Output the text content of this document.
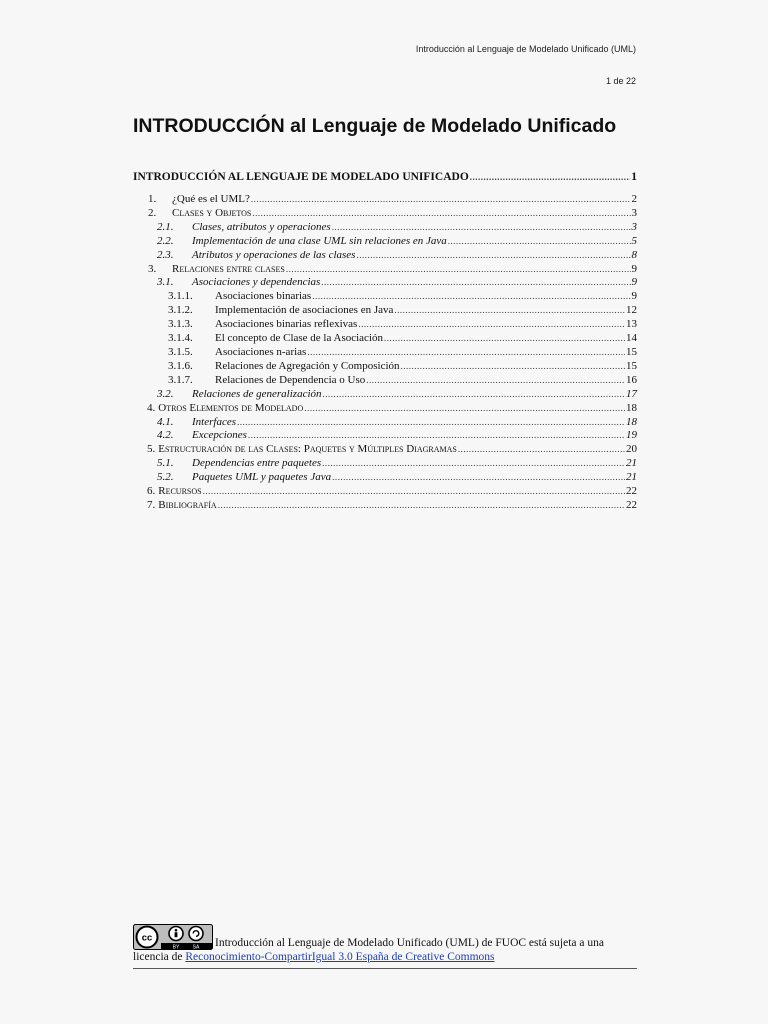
Introducción al Lenguaje de Modelado Unificado (UML)
1 de 22
INTRODUCCIÓN al Lenguaje de Modelado Unificado
INTRODUCCIÓN AL LENGUAJE DE MODELADO UNIFICADO .....	1
1.	¿Qué es el UML? .....	2
2.	Clases y Objetos .....	3
2.1.	Clases, atributos y operaciones .....	3
2.2.	Implementación de una clase UML sin relaciones en Java .....	5
2.3.	Atributos y operaciones de las clases .....	8
3.	Relaciones entre clases .....	9
3.1.	Asociaciones y dependencias .....	9
3.1.1.	Asociaciones binarias .....	9
3.1.2.	Implementación de asociaciones en Java .....	12
3.1.3.	Asociaciones binarias reflexivas .....	13
3.1.4.	El concepto de Clase de la Asociación .....	14
3.1.5.	Asociaciones n-arias .....	15
3.1.6.	Relaciones de Agregación y Composición .....	15
3.1.7.	Relaciones de Dependencia o Uso .....	16
3.2.	Relaciones de generalización .....	17
4. Otros Elementos de Modelado .....	18
4.1.	Interfaces .....	18
4.2.	Excepciones .....	19
5. Estructuración de las Clases: Paquetes y Múltiples Diagramas .....	20
5.1.	Dependencias entre paquetes .....	21
5.2.	Paquetes UML y paquetes Java .....	21
6. Recursos .....	22
7. Bibliografía .....	22
cc
BY	SA Introducción al Lenguaje de Modelado Unificado (UML) de FUOC está sujeta a una
licencia de Reconocimiento-CompartirIgual 3.0 España de Creative Commons
